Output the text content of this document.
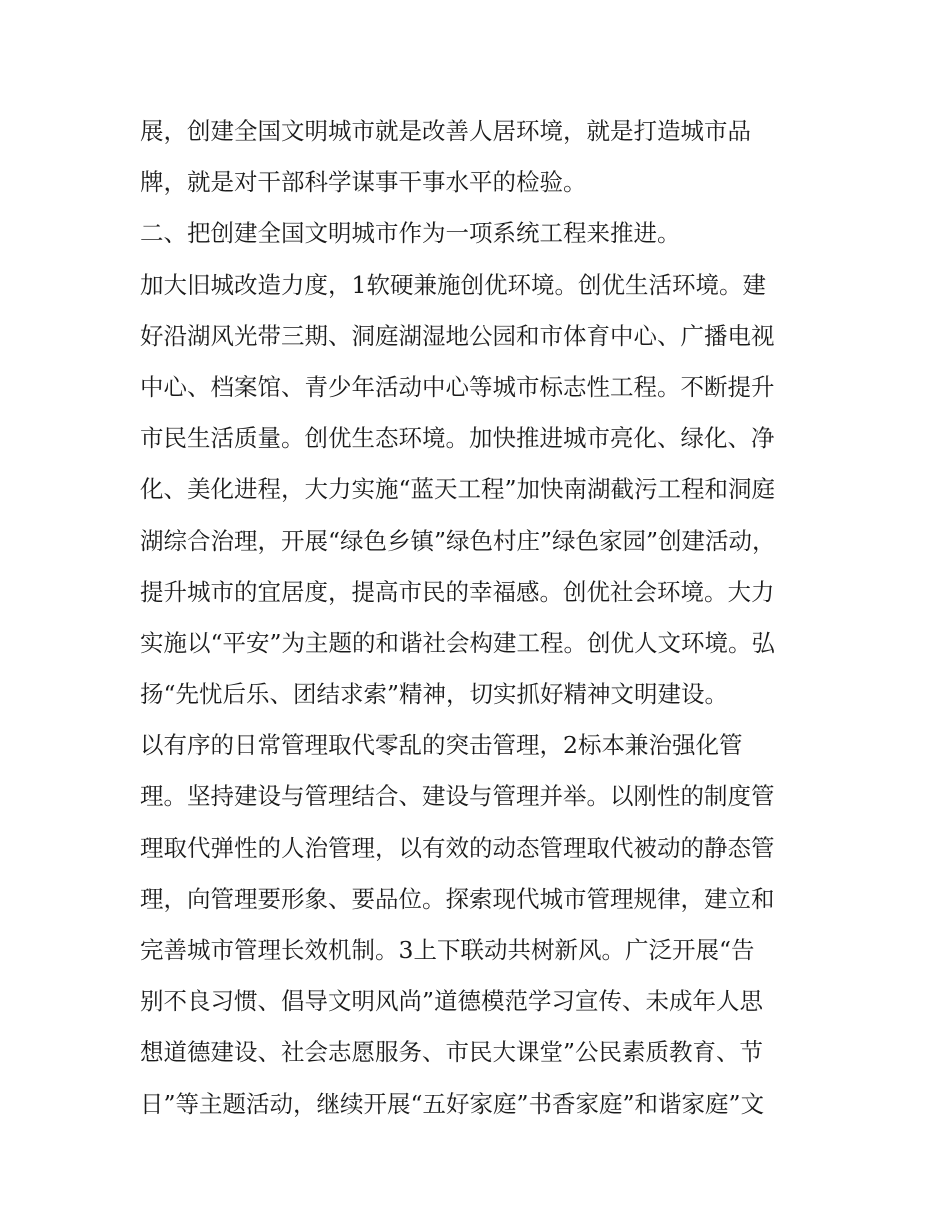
展，创建全国文明城市就是改善人居环境，就是打造城市品
牌，就是对干部科学谋事干事水平的检验。
二、把创建全国文明城市作为一项系统工程来推进。
加大旧城改造力度，1软硬兼施创优环境。创优生活环境。建
好沿湖风光带三期、洞庭湖湿地公园和市体育中心、广播电视
中心、档案馆、青少年活动中心等城市标志性工程。不断提升
市民生活质量。创优生态环境。加快推进城市亮化、绿化、净
化、美化进程，大力实施“蓝天工程”加快南湖截污工程和洞庭
湖综合治理，开展“绿色乡镇”绿色村庄”绿色家园”创建活动，
提升城市的宜居度，提高市民的幸福感。创优社会环境。大力
实施以“平安”为主题的和谐社会构建工程。创优人文环境。弘
扬“先忧后乐、团结求索”精神，切实抓好精神文明建设。
以有序的日常管理取代零乱的突击管理，2标本兼治强化管
理。坚持建设与管理结合、建设与管理并举。以刚性的制度管
理取代弹性的人治管理，以有效的动态管理取代被动的静态管
理，向管理要形象、要品位。探索现代城市管理规律，建立和
完善城市管理长效机制。3上下联动共树新风。广泛开展“告
别不良习惯、倡导文明风尚”道德模范学习宣传、未成年人思
想道德建设、社会志愿服务、市民大课堂”公民素质教育、节
日”等主题活动，继续开展“五好家庭”书香家庭”和谐家庭”文
